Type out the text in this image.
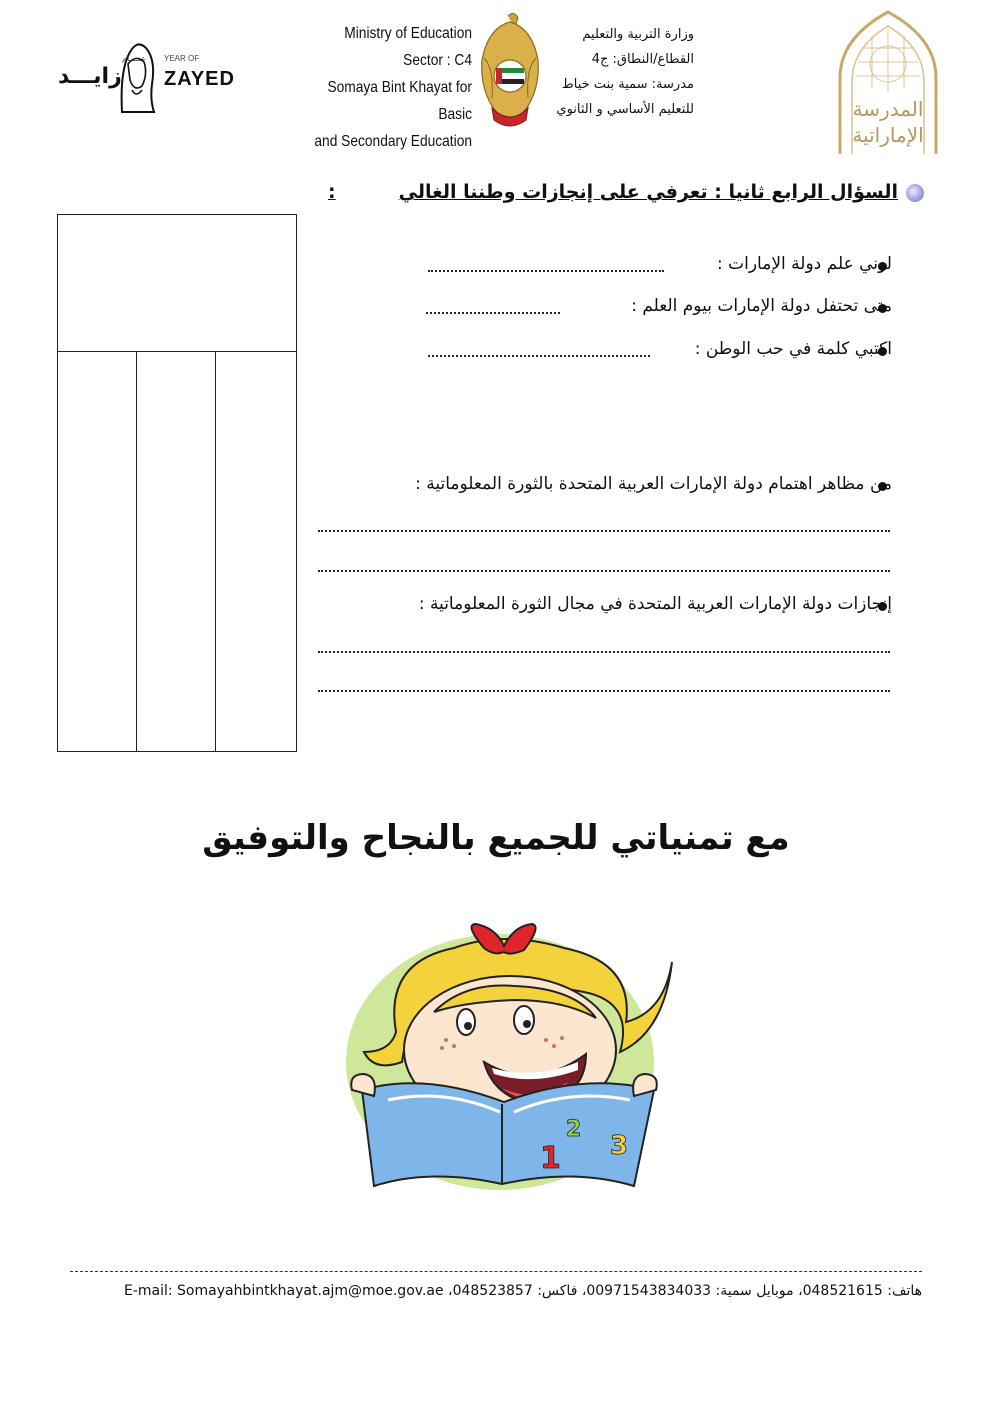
عـــــام
زايـــد
YEAR OF
ZAYED
Ministry of Education
Sector : C4
Somaya Bint Khayat for Basic
and Secondary Education
وزارة التربية والتعليم
القطاع/النطاق: ج4
مدرسة: سمية بنت خياط
للتعليم الأساسي و الثانوي	المدرسة
الإماراتية
السؤال الرابع ثانيا : تعرفي على إنجازات وطننا الغالي
:
لوني علم دولة الإمارات :
متى تحتفل دولة الإمارات بيوم العلم :
اكتبي كلمة في حب الوطن :
من مظاهر اهتمام دولة الإمارات العربية المتحدة بالثورة المعلوماتية :
إنجازات دولة الإمارات العربية المتحدة في مجال الثورة المعلوماتية :
مع تمنياتي للجميع بالنجاح والتوفيق
2
3
1
هاتف: 048521615، موبايل سمية: 00971543834033، فاكس: 048523857، E-mail: Somayahbintkhayat.ajm@moe.gov.ae
